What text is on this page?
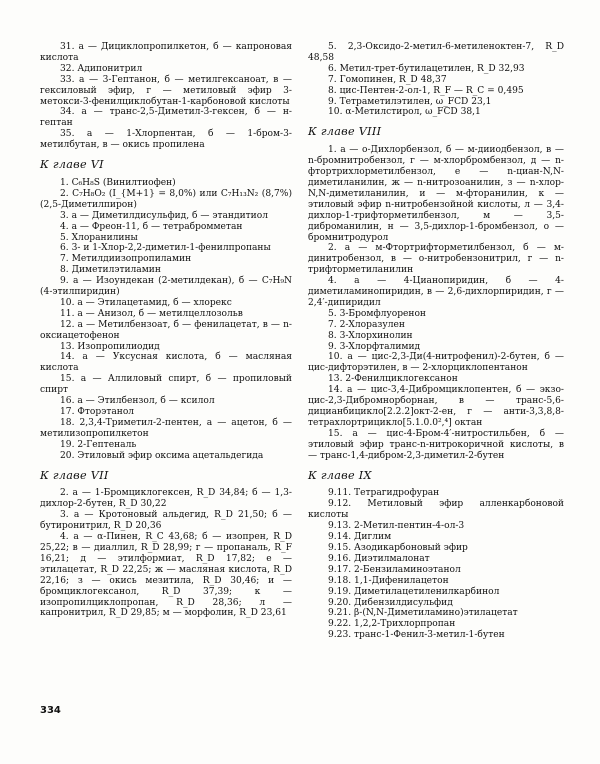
31. а — Дициклопропилкетон, б — капроновая кислота

32. Адипонитрил

33. а — 3-Гептанон, б — метилгексаноат, в — гексиловый эфир, г — метиловый эфир 3-метокси-3-фенилциклобутан-1-карбоновой кислоты

34. а — транс-2,5-Диметил-3-гексен, б — н-гептан

35. а — 1-Хлорпентан, б — 1-бром-3-метилбутан, в — окись пропилена

К главе VI

1. C₆H₈S (Винилтиофен)

2. C₇H₈O₂ (I_{M+1} = 8,0%) или C₇H₁₃N₂ (8,7%) (2,5-Диметилпирон)

3. а — Диметилдисульфид, б — этандитиол

4. а — Фреон-11, б — тетрабромметан

5. Хлоранилины

6. 3- и 1-Хлор-2,2-диметил-1-фенилпропаны

7. Метилдиизопропиламин

8. Диметилэтиламин

9. а — Изоундекан (2-метилдекан), б — C₇H₉N (4-этилпиридин)

10. а — Этилацетамид, б — хлорекс

11. а — Анизол, б — метилцеллозольв

12. а — Метилбензоат, б — фенилацетат, в — n-оксиацетофенон

13. Изопропилиодид

14. а — Уксусная кислота, б — масляная кислота

15. а — Аллиловый спирт, б — пропиловый спирт

16. а — Этилбензол, б — ксилол

17. Фторэтанол

18. 2,3,4-Триметил-2-пентен, а — ацетон, б — метилизопропилкетон

19. 2-Гептеналь

20. Этиловый эфир оксима ацетальдегида

К главе VII

2. а — 1-Бромциклогексен, R_D 34,84; б — 1,3-дихлор-2-бутен, R_D 30,22

3. а — Кротоновый альдегид, R_D 21,50; б — бутиронитрил, R_D 20,36

4. а — α-Пинен, R_C 43,68; б — изопрен, R_D 25,22; в — диаллил, R_D 28,99; г — пропаналь, R_F 16,21; д — этилформиат, R_D 17,82; е — этилацетат, R_D 22,25; ж — масляная кислота, R_D 22,16; з — окись мезитила, R_D 30,46; и — бромциклогексанол, R_D 37,39; к — изопропилциклопропан, R_D 28,36; л — капронитрил, R_D 29,85; м — морфолин, R_D 23,61

5. 2,3-Оксидо-2-метил-6-метиленоктен-7, R_D 48,58

6. Метил-трет-бутилацетилен, R_D 32,93

7. Гомопинен, R_D 48,37

8. цис-Пентен-2-ол-1, R_F — R_C = 0,495

9. Тетраметилэтилен, ω_FCD 23,1

10. α-Метилстирол, ω_FCD 38,1

К главе VIII

1. а — о-Дихлорбензол, б — м-дииодбензол, в — n-бромнитробензол, г — м-хлорбромбензол, д — n-фтортрихлорметилбензол, е — n-циан-N,N-диметиланилин, ж — n-нитрозоанилин, з — n-хлор-N,N-диметиланилин, и — м-фторанилин, к — этиловый эфир n-нитробензойной кислоты, л — 3,4-дихлор-1-трифторметилбензол, м — 3,5-диброманилин, н — 3,5-дихлор-1-бромбензол, о — бромнитродурол

2. а — м-Фтортрифторметилбензол, б — м-динитробензол, в — о-нитробензонитрил, г — n-трифторметиланилин

4. а — 4-Цианопиридин, б — 4-диметиламинопиридин, в — 2,6-дихлорпиридин, г — 2,4′-дипиридил

5. 3-Бромфлуоренон

7. 2-Хлоразулен

8. 3-Хлорхинолин

9. 3-Хлорфталимид

10. а — цис-2,3-Ди(4-нитрофенил)-2-бутен, б — цис-дифторэтилен, в — 2-хлорциклопентанон

13. 2-Фенилциклогексанон

14. а — цис-3,4-Дибромциклопентен, б — экзо-цис-2,3-Дибромнорборнан, в — транс-5,6-дицианбицикло[2.2.2]окт-2-ен, г — анти-3,3,8,8-тетрахлортрицикло[5.1.0.0²,⁴] октан

15. а — цис-4-Бром-4′-нитростильбен, б — этиловый эфир транс-n-нитрокоричной кислоты, в — транс-1,4-дибром-2,3-диметил-2-бутен

К главе IX

9.11. Тетрагидрофуран

9.12. Метиловый эфир алленкарбоновой кислоты

9.13. 2-Метил-пентин-4-ол-3

9.14. Диглим

9.15. Азодикарбоновый эфир

9.16. Диэтилмалонат

9.17. 2-Бензиламиноэтанол

9.18. 1,1-Дифенилацетон

9.19. Диметилацетиленилкарбинол

9.20. Дибензилдисульфид

9.21. β-(N,N-Диметиламино)этилацетат

9.22. 1,2,2-Трихлорпропан

9.23. транс-1-Фенил-3-метил-1-бутен

334
